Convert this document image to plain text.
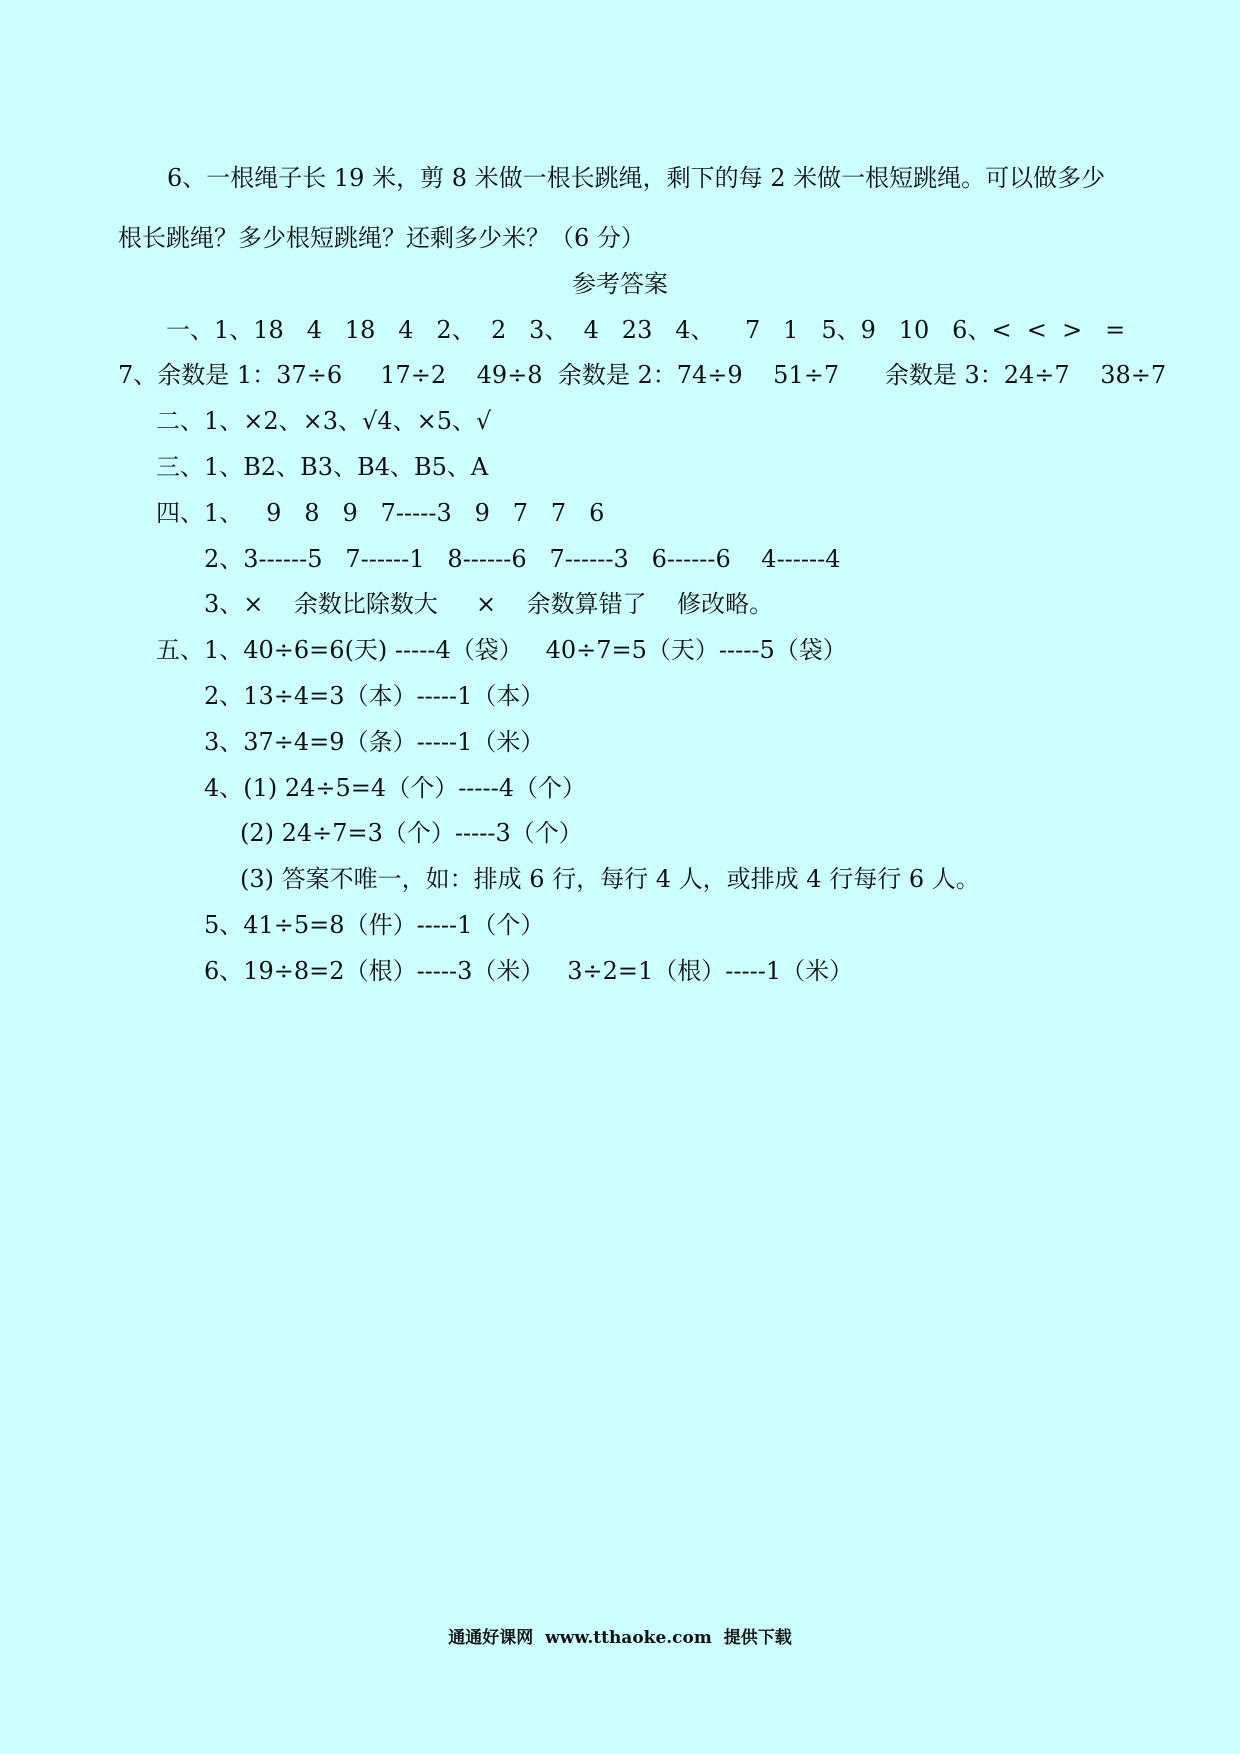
6、一根绳子长 19 米，剪 8 米做一根长跳绳，剩下的每 2 米做一根短跳绳。可以做多少
根长跳绳？多少根短跳绳？还剩多少米？（6 分）
参考答案
一、1、18   4   18   4   2、  2   3、  4   23   4、    7   1   5、9   10   6、<  <  >   =
7、余数是 1：37÷6     17÷2    49÷8  余数是 2：74÷9    51÷7      余数是 3：24÷7    38÷7
二、1、×2、×3、√4、×5、√
三、1、B2、B3、B4、B5、A
四、1、   9   8   9   7-----3   9   7   7   6
2、3------5   7------1   8------6   7------3   6------6    4------4
3、×    余数比除数大     ×    余数算错了    修改略。
五、1、40÷6=6(天) -----4（袋）   40÷7=5（天）-----5（袋）
2、13÷4=3（本）-----1（本）
3、37÷4=9（条）-----1（米）
4、(1) 24÷5=4（个）-----4（个）
(2) 24÷7=3（个）-----3（个）
(3) 答案不唯一，如：排成 6 行，每行 4 人，或排成 4 行每行 6 人。
5、41÷5=8（件）-----1（个）
6、19÷8=2（根）-----3（米）   3÷2=1（根）-----1（米）
通通好课网  www.tthaoke.com  提供下载
